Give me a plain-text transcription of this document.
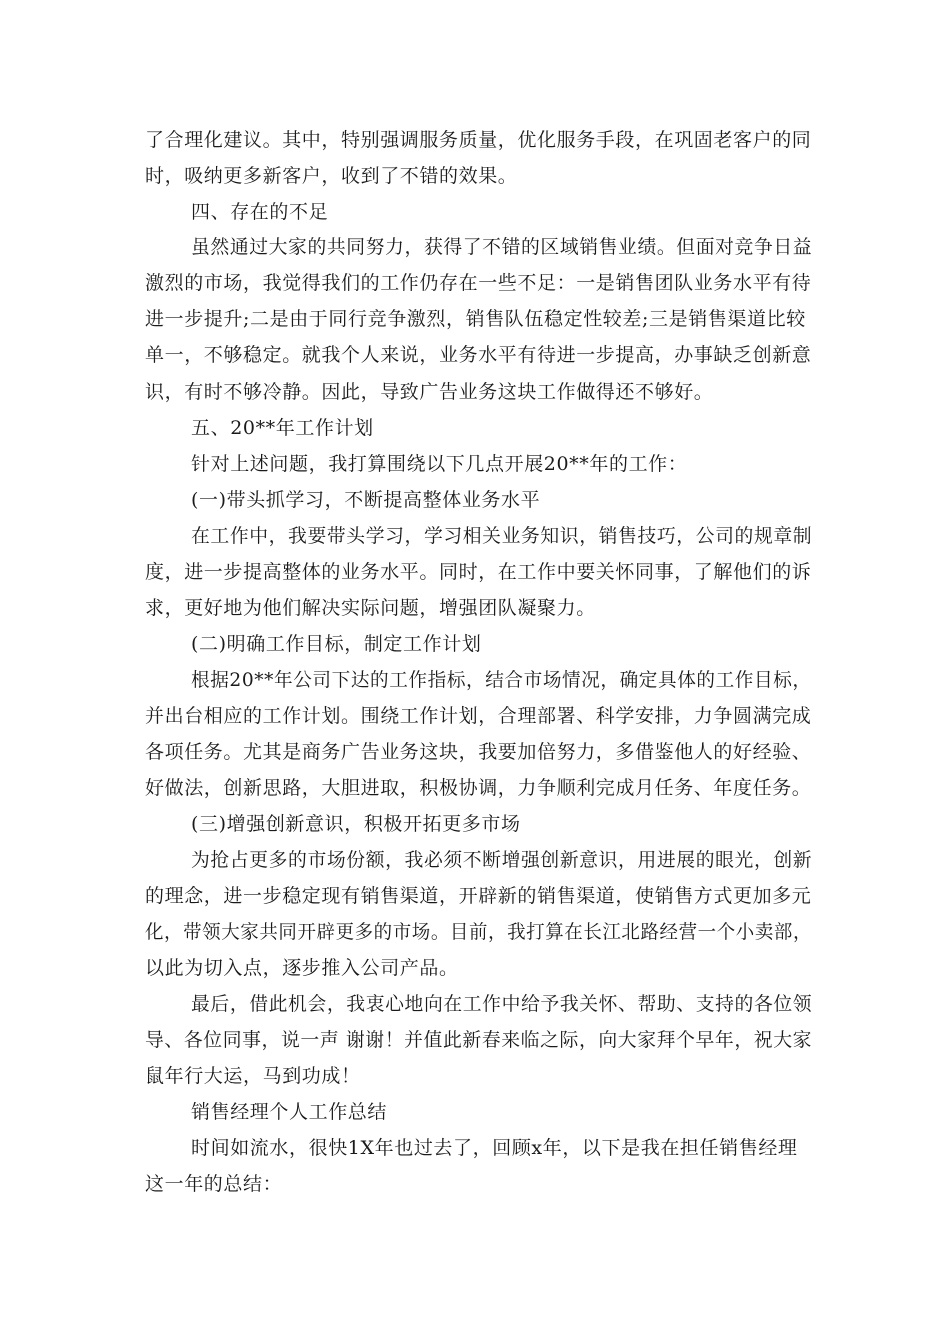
了合理化建议。其中，特别强调服务质量，优化服务手段，在巩固老客户的同
时，吸纳更多新客户，收到了不错的效果。
四、存在的不足
虽然通过大家的共同努力，获得了不错的区域销售业绩。但面对竞争日益
激烈的市场，我觉得我们的工作仍存在一些不足：一是销售团队业务水平有待
进一步提升;二是由于同行竞争激烈，销售队伍稳定性较差;三是销售渠道比较
单一，不够稳定。就我个人来说，业务水平有待进一步提高，办事缺乏创新意
识，有时不够冷静。因此，导致广告业务这块工作做得还不够好。
五、20**年工作计划
针对上述问题，我打算围绕以下几点开展20**年的工作：
(一)带头抓学习，不断提高整体业务水平
在工作中，我要带头学习，学习相关业务知识，销售技巧，公司的规章制
度，进一步提高整体的业务水平。同时，在工作中要关怀同事，了解他们的诉
求，更好地为他们解决实际问题，增强团队凝聚力。
(二)明确工作目标，制定工作计划
根据20**年公司下达的工作指标，结合市场情况，确定具体的工作目标，
并出台相应的工作计划。围绕工作计划，合理部署、科学安排，力争圆满完成
各项任务。尤其是商务广告业务这块，我要加倍努力，多借鉴他人的好经验、
好做法，创新思路，大胆进取，积极协调，力争顺利完成月任务、年度任务。
(三)增强创新意识，积极开拓更多市场
为抢占更多的市场份额，我必须不断增强创新意识，用进展的眼光，创新
的理念，进一步稳定现有销售渠道，开辟新的销售渠道，使销售方式更加多元
化，带领大家共同开辟更多的市场。目前，我打算在长江北路经营一个小卖部，
以此为切入点，逐步推入公司产品。
最后，借此机会，我衷心地向在工作中给予我关怀、帮助、支持的各位领
导、各位同事，说一声 谢谢！并值此新春来临之际，向大家拜个早年，祝大家
鼠年行大运，马到功成！
销售经理个人工作总结
时间如流水，很快1X年也过去了，回顾x年，以下是我在担任销售经理
这一年的总结：
